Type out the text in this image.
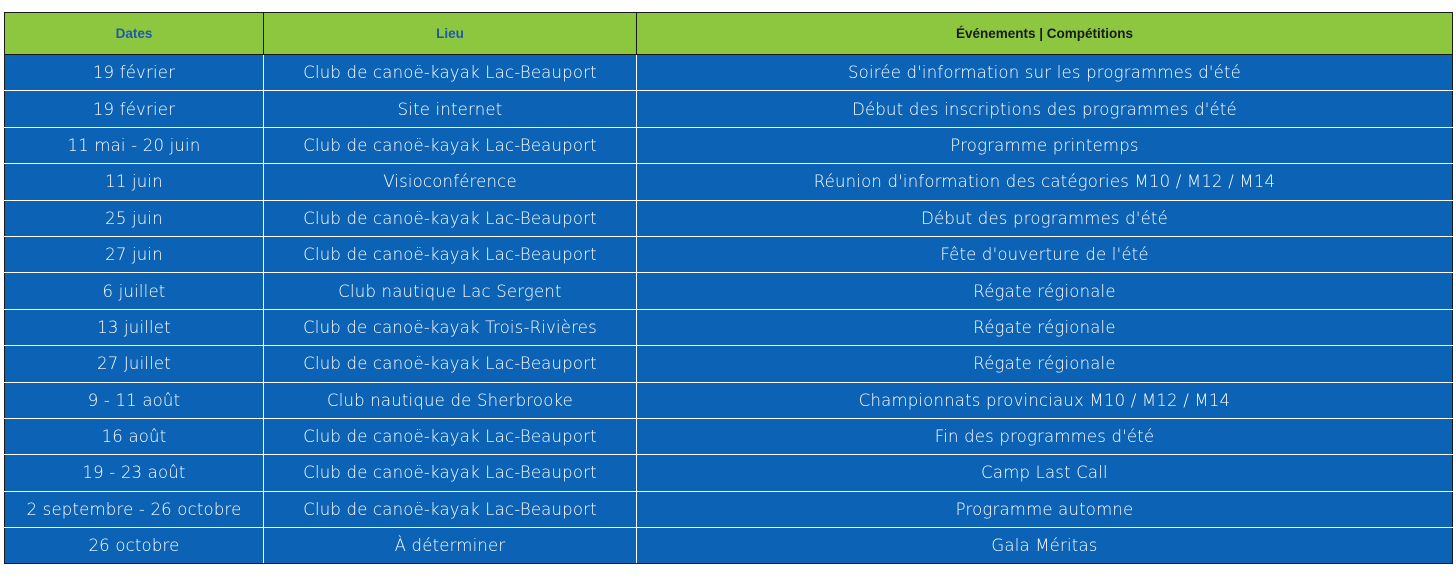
Dates	Lieu	Événements | Compétitions
19 février	Club de canoë-kayak Lac-Beauport	Soirée d'information sur les programmes d'été
19 février	Site internet	Début des inscriptions des programmes d'été
11 mai - 20 juin	Club de canoë-kayak Lac-Beauport	Programme printemps
11 juin	Visioconférence	Réunion d'information des catégories M10 / M12 / M14
25 juin	Club de canoë-kayak Lac-Beauport	Début des programmes d'été
27 juin	Club de canoë-kayak Lac-Beauport	Fête d'ouverture de l'été
6 juillet	Club nautique Lac Sergent	Régate régionale
13 juillet	Club de canoë-kayak Trois-Rivières	Régate régionale
27 Juillet	Club de canoë-kayak Lac-Beauport	Régate régionale
9 - 11 août	Club nautique de Sherbrooke	Championnats provinciaux M10 / M12 / M14
16 août	Club de canoë-kayak Lac-Beauport	Fin des programmes d'été
19 - 23 août	Club de canoë-kayak Lac-Beauport	Camp Last Call
2 septembre - 26 octobre	Club de canoë-kayak Lac-Beauport	Programme automne
26 octobre	À déterminer	Gala Méritas
